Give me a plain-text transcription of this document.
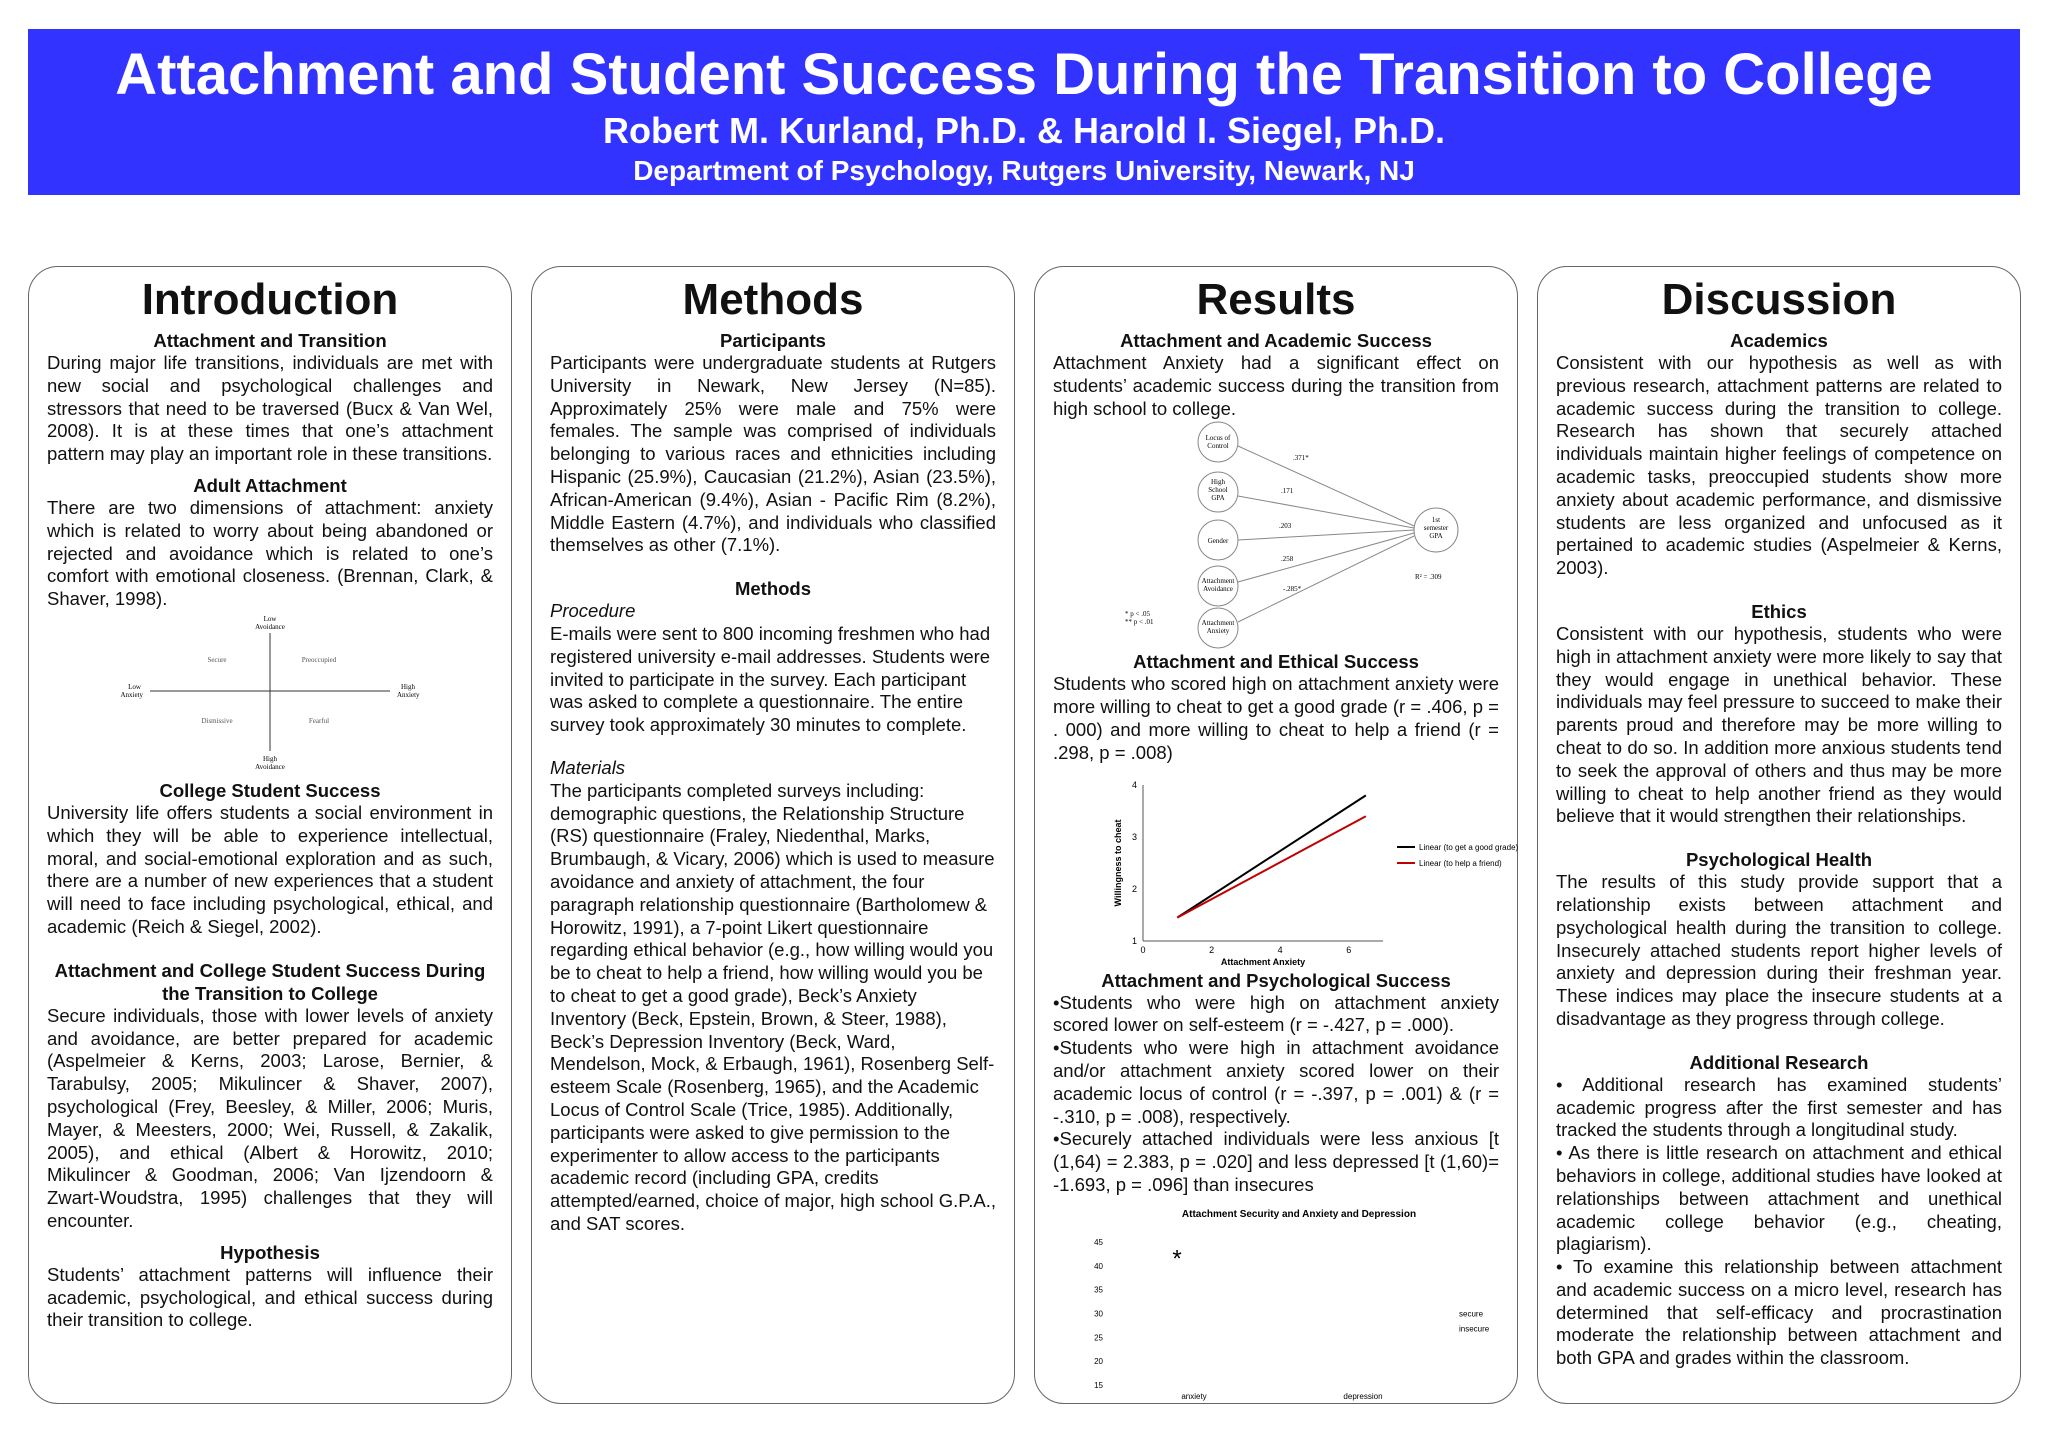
Attachment and Student Success During the Transition to College
Robert M. Kurland, Ph.D. & Harold I. Siegel, Ph.D.
Department of Psychology, Rutgers University, Newark, NJ
Introduction
Attachment and Transition

During major life transitions, individuals are met with new social and psychological challenges and stressors that need to be traversed (Bucx & Van Wel, 2008). It is at these times that one’s attachment pattern may play an important role in these transitions.

Adult Attachment

There are two dimensions of attachment: anxiety which is related to worry about being abandoned or rejected and avoidance which is related to one’s comfort with emotional closeness. (Brennan, Clark, & Shaver, 1998).

Low
Avoidance
High
Avoidance
Low
Anxiety
High
Anxiety
Secure	Preoccupied
Dismissive	Fearful
College Student Success

University life offers students a social environment in which they will be able to experience intellectual, moral, and social-emotional exploration and as such, there are a number of new experiences that a student will need to face including psychological, ethical, and academic (Reich & Siegel, 2002).

Attachment and College Student Success During the Transition to College

Secure individuals, those with lower levels of anxiety and avoidance, are better prepared for academic (Aspelmeier & Kerns, 2003; Larose, Bernier, & Tarabulsy, 2005; Mikulincer & Shaver, 2007), psychological (Frey, Beesley, & Miller, 2006; Muris, Mayer, & Meesters, 2000; Wei, Russell, & Zakalik, 2005), and ethical (Albert & Horowitz, 2010; Mikulincer & Goodman, 2006; Van Ijzendoorn & Zwart-Woudstra, 1995) challenges that they will encounter.

Hypothesis

Students’ attachment patterns will influence their academic, psychological, and ethical success during their transition to college.

Methods
Participants

Participants were undergraduate students at Rutgers University in Newark, New Jersey (N=85). Approximately 25% were male and 75% were females. The sample was comprised of individuals belonging to various races and ethnicities including Hispanic (25.9%), Caucasian (21.2%), Asian (23.5%), African-American (9.4%), Asian - Pacific Rim (8.2%), Middle Eastern (4.7%), and individuals who classified themselves as other (7.1%).

Methods

Procedure

E-mails were sent to 800 incoming freshmen who had registered university e-mail addresses. Students were invited to participate in the survey. Each participant was asked to complete a questionnaire. The entire survey took approximately 30 minutes to complete.

Materials

The participants completed surveys including: demographic questions, the Relationship Structure (RS) questionnaire (Fraley, Niedenthal, Marks, Brumbaugh, & Vicary, 2006) which is used to measure avoidance and anxiety of attachment, the four paragraph relationship questionnaire (Bartholomew & Horowitz, 1991), a 7-point Likert questionnaire regarding ethical behavior (e.g., how willing would you be to cheat to help a friend, how willing would you be to cheat to get a good grade), Beck’s Anxiety Inventory (Beck, Epstein, Brown, & Steer, 1988), Beck’s Depression Inventory (Beck, Ward, Mendelson, Mock, & Erbaugh, 1961), Rosenberg Self-esteem Scale (Rosenberg, 1965), and the Academic Locus of Control Scale (Trice, 1985). Additionally, participants were asked to give permission to the experimenter to allow access to the participants academic record (including GPA, credits attempted/earned, choice of major, high school G.P.A., and SAT scores.

Results
Attachment and Academic Success

Attachment Anxiety had a significant effect on students’ academic success during the transition from high school to college.

Locus of
Control
High
School
GPA
Gender
Attachment
Avoidance
Attachment
Anxiety
1st
semester
GPA
.371*
.171
.203
.258
-.285*
R² = .309
* p < .05
** p < .01
Attachment and Ethical Success

Students who scored high on attachment anxiety were more willing to cheat to get a good grade (r = .406, p = . 000) and more willing to cheat to help a friend (r = .298, p = .008)

1
2
3
4
0	2	4	6
Attachment Anxiety
Willingness to cheat	Linear (to get a good grade)
Linear (to help a friend)
Attachment and Psychological Success

•Students who were high on attachment anxiety scored lower on self-esteem (r = -.427, p = .000).

•Students who were high in attachment avoidance and/or attachment anxiety scored lower on their academic locus of control (r = -.397, p = .001) & (r = -.310, p = .008), respectively.

•Securely attached individuals were less anxious [t (1,64) = 2.383, p = .020] and less depressed [t (1,60)= -1.693, p = .096] than insecures

Attachment Security and Anxiety and Depression
15
20
25
30
35
40
45
*
anxiety	depression
secure
insecure
Discussion
Academics

Consistent with our hypothesis as well as with previous research, attachment patterns are related to academic success during the transition to college. Research has shown that securely attached individuals maintain higher feelings of competence on academic tasks, preoccupied students show more anxiety about academic performance, and dismissive students are less organized and unfocused as it pertained to academic studies (Aspelmeier & Kerns, 2003).

Ethics

Consistent with our hypothesis, students who were high in attachment anxiety were more likely to say that they would engage in unethical behavior. These individuals may feel pressure to succeed to make their parents proud and therefore may be more willing to cheat to do so. In addition more anxious students tend to seek the approval of others and thus may be more willing to cheat to help another friend as they would believe that it would strengthen their relationships.

Psychological Health

The results of this study provide support that a relationship exists between attachment and psychological health during the transition to college. Insecurely attached students report higher levels of anxiety and depression during their freshman year. These indices may place the insecure students at a disadvantage as they progress through college.

Additional Research

• Additional research has examined students’ academic progress after the first semester and has tracked the students through a longitudinal study.

• As there is little research on attachment and ethical behaviors in college, additional studies have looked at relationships between attachment and unethical academic college behavior (e.g., cheating, plagiarism).

• To examine this relationship between attachment and academic success on a micro level, research has determined that self-efficacy and procrastination moderate the relationship between attachment and both GPA and grades within the classroom.
